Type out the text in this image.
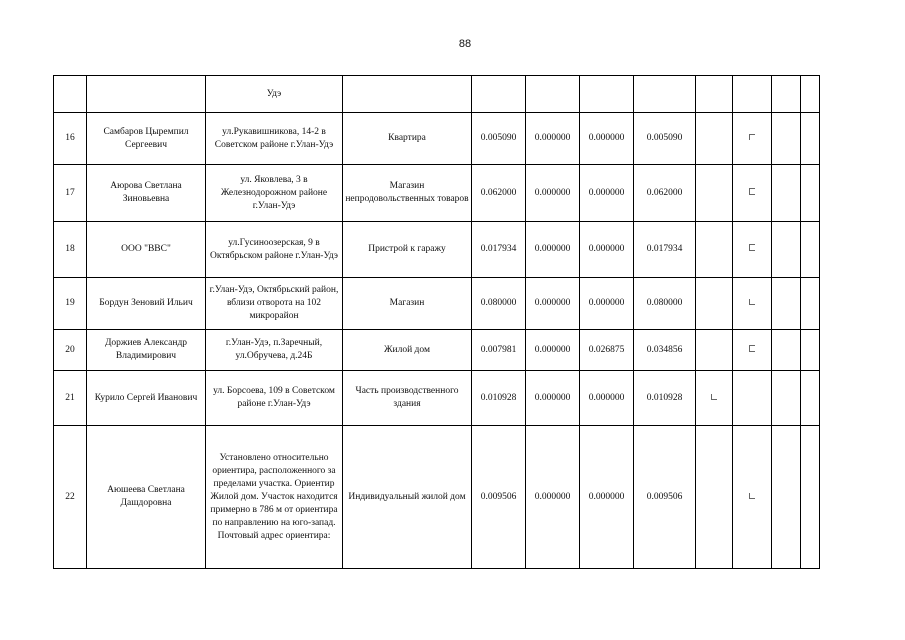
88
		Удэ									
16	Самбаров Цыремпил Сергеевич	ул.Рукавишникова, 14-2 в Советском районе г.Улан-Удэ	Квартира	0.005090	0.000000	0.000000	0.005090				
17	Аюрова Светлана Зиновьевна	ул. Яковлева, 3 в Железнодорожном районе г.Улан-Удэ	Магазин непродовольственных товаров	0.062000	0.000000	0.000000	0.062000				
18	ООО "ВВС"	ул.Гусиноозерская, 9 в Октябрьском районе г.Улан-Удэ	Пристрой к гаражу	0.017934	0.000000	0.000000	0.017934				
19	Бордун Зеновий Ильич	г.Улан-Удэ, Октябрьский район, вблизи отворота на 102 микрорайон	Магазин	0.080000	0.000000	0.000000	0.080000				
20	Доржиев Александр Владимирович	г.Улан-Удэ, п.Заречный, ул.Обручева, д.24Б	Жилой дом	0.007981	0.000000	0.026875	0.034856				
21	Курило Сергей Иванович	ул. Борсоева, 109 в Советском районе г.Улан-Удэ	Часть производственного здания	0.010928	0.000000	0.000000	0.010928				
22	Аюшеева Светлана Дашдоровна	Установлено относительно ориентира, расположенного за пределами участка. Ориентир Жилой дом. Участок находится примерно в 786 м от ориентира по направлению на юго-запад. Почтовый адрес ориентира:	Индивидуальный жилой дом	0.009506	0.000000	0.000000	0.009506				
